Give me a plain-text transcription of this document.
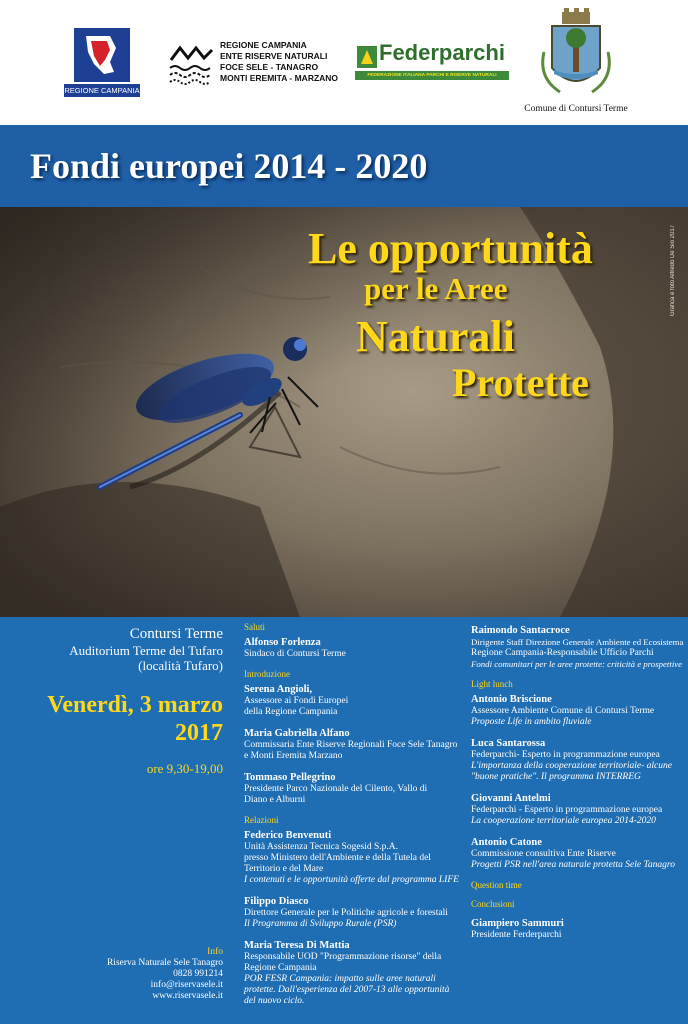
REGIONE CAMPANIA
REGIONE CAMPANIA
ENTE RISERVE NATURALI
FOCE SELE - TANAGRO
MONTI EREMITA - MARZANO
Federparchi
FEDERAZIONE ITALIANA PARCHI E RISERVE NATURALI
Comune di Contursi Terme
Fondi europei 2014 - 2020
Le opportunità
per le Aree
Naturali
Protette
Grafica e foto Alfredo De Sio 2017
Contursi Terme
Auditorium Terme del Tufaro
(località Tufaro)
Venerdì, 3 marzo
2017
ore 9,30-19,00
Info
Riserva Naturale Sele Tanagro
0828 991214
info@riservasele.it
www.riservasele.it
Saluti
Alfonso Forlenza
Sindaco di Contursi Terme
Introduzione
Serena Angioli,
Assessore ai Fondi Europei
della Regione Campania
Maria Gabriella Alfano
Commissaria Ente Riserve Regionali Foce Sele Tanagro
e Monti Eremita Marzano
Tommaso Pellegrino
Presidente Parco Nazionale del Cilento, Vallo di
Diano e Alburni
Relazioni
Federico Benvenuti
Unità Assistenza Tecnica Sogesid S.p.A.
presso Ministero dell'Ambiente e della Tutela del
Territorio e del Mare
I contenuti e le opportunità offerte dal programma LIFE
Filippo Diasco
Direttore Generale per le Politiche agricole e forestali
Il Programma di Sviluppo Rurale (PSR)
Maria Teresa Di Mattia
Responsabile UOD "Programmazione risorse" della
Regione Campania
POR FESR Campania: impatto sulle aree naturali
protette. Dall'esperienza del 2007-13 alle opportunità
del nuovo ciclo.
Raimondo Santacroce
Dirigente Staff Direzione Generale Ambiente ed Ecosistema
Regione Campania-Responsabile Ufficio Parchi
Fondi comunitari per le aree protette: criticità e prospettive
Light lunch
Antonio Briscione
Assessore Ambiente Comune di Contursi Terme
Proposte Life in ambito fluviale
Luca Santarossa
Federparchi- Esperto in programmazione europea
L'importanza della cooperazione territoriale- alcune
"buone pratiche". Il programma INTERREG
Giovanni Antelmi
Federparchi - Esperto in programmazione europea
La cooperazione territoriale europea 2014-2020
Antonio Catone
Commissione consultiva Ente Riserve
Progetti PSR nell'area naturale protetta Sele Tanagro
Question time
Conclusioni
Giampiero Sammuri
Presidente Ferderparchi
